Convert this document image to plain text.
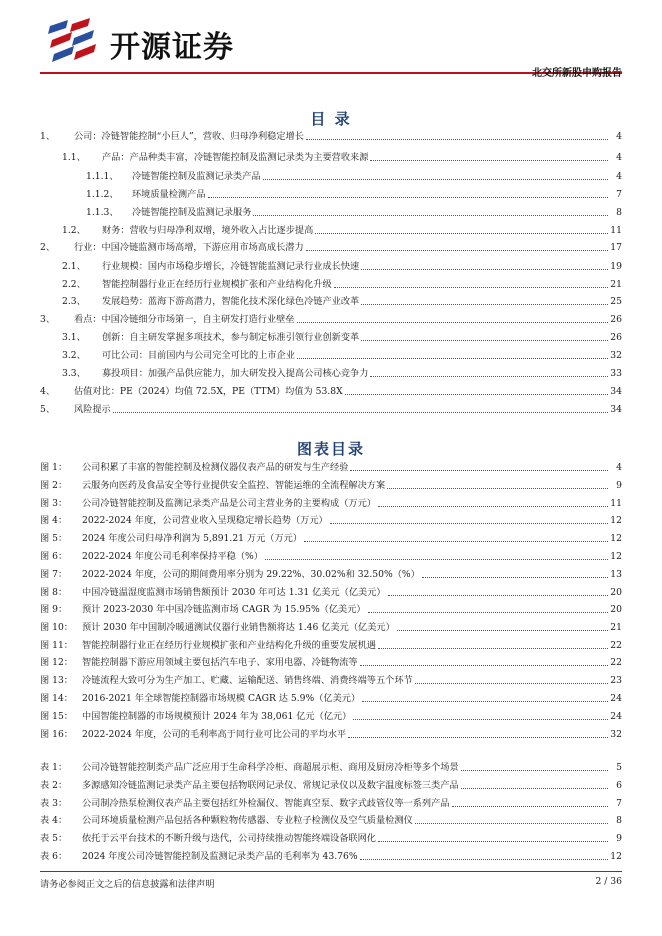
开源证券
北交所新股申购报告
目 录
1、	公司：冷链智能控制“小巨人”，营收、归母净利稳定增长	4
1.1、	产品：产品种类丰富，冷链智能控制及监测记录类为主要营收来源	4
1.1.1、	冷链智能控制及监测记录类产品	4
1.1.2、	环境质量检测产品	7
1.1.3、	冷链智能控制及监测记录服务	8
1.2、	财务：营收与归母净利双增，境外收入占比逐步提高	11
2、	行业：中国冷链监测市场高增，下游应用市场高成长潜力	17
2.1、	行业规模：国内市场稳步增长，冷链智能监测记录行业成长快速	19
2.2、	智能控制器行业正在经历行业规模扩张和产业结构化升级	21
2.3、	发展趋势：蓝海下游高潜力，智能化技术深化绿色冷链产业改革	25
3、	看点：中国冷链细分市场第一，自主研发打造行业壁垒	26
3.1、	创新：自主研发掌握多项技术，参与制定标准引领行业创新变革	26
3.2、	可比公司：目前国内与公司完全可比的上市企业	32
3.3、	募投项目：加强产品供应能力，加大研发投入提高公司核心竞争力	33
4、	估值对比：PE（2024）均值 72.5X，PE（TTM）均值为 53.8X	34
5、	风险提示	34
图表目录
图 1：	公司积累了丰富的智能控制及检测仪器仪表产品的研发与生产经验	4
图 2：	云服务向医药及食品安全等行业提供安全监控、智能运维的全流程解决方案	9
图 3：	公司冷链智能控制及监测记录类产品是公司主营业务的主要构成（万元）	11
图 4：	2022-2024 年度，公司营业收入呈现稳定增长趋势（万元）	12
图 5：	2024 年度公司归母净利润为 5,891.21 万元（万元）	12
图 6：	2022-2024 年度公司毛利率保持平稳（%）	12
图 7：	2022-2024 年度，公司的期间费用率分别为 29.22%、30.02%和 32.50%（%）	13
图 8：	中国冷链温湿度监测市场销售额预计 2030 年可达 1.31 亿美元（亿美元）	20
图 9：	预计 2023-2030 年中国冷链监测市场 CAGR 为 15.95%（亿美元）	20
图 10： 预计 2030 年中国制冷暖通测试仪器行业销售额将达 1.46 亿美元（亿美元）	21
图 11： 智能控制器行业正在经历行业规模扩张和产业结构化升级的重要发展机遇	22
图 12： 智能控制器下游应用领域主要包括汽车电子、家用电器、冷链物流等	22
图 13： 冷链流程大致可分为生产加工、贮藏、运输配送、销售终端、消费终端等五个环节	23
图 14： 2016-2021 年全球智能控制器市场规模 CAGR 达 5.9%（亿美元）	24
图 15： 中国智能控制器的市场规模预计 2024 年为 38,061 亿元（亿元）	24
图 16： 2022-2024 年度，公司的毛利率高于同行业可比公司的平均水平	32
表 1：	公司冷链智能控制类产品广泛应用于生命科学冷柜、商超展示柜、商用及厨房冷柜等多个场景	5
表 2：	多源感知冷链监测记录类产品主要包括物联网记录仪、常规记录仪以及数字温度标签三类产品	6
表 3：	公司制冷热泵检测仪表产品主要包括红外检漏仪、智能真空泵、数字式歧管仪等一系列产品	7
表 4：	公司环境质量检测产品包括各种颗粒物传感器、专业粒子检测仪及空气质量检测仪	8
表 5：	依托于云平台技术的不断升级与迭代，公司持续推动智能终端设备联网化	9
表 6：	2024 年度公司冷链智能控制及监测记录类产品的毛利率为 43.76%	12
请务必参阅正文之后的信息披露和法律声明	2 / 36
